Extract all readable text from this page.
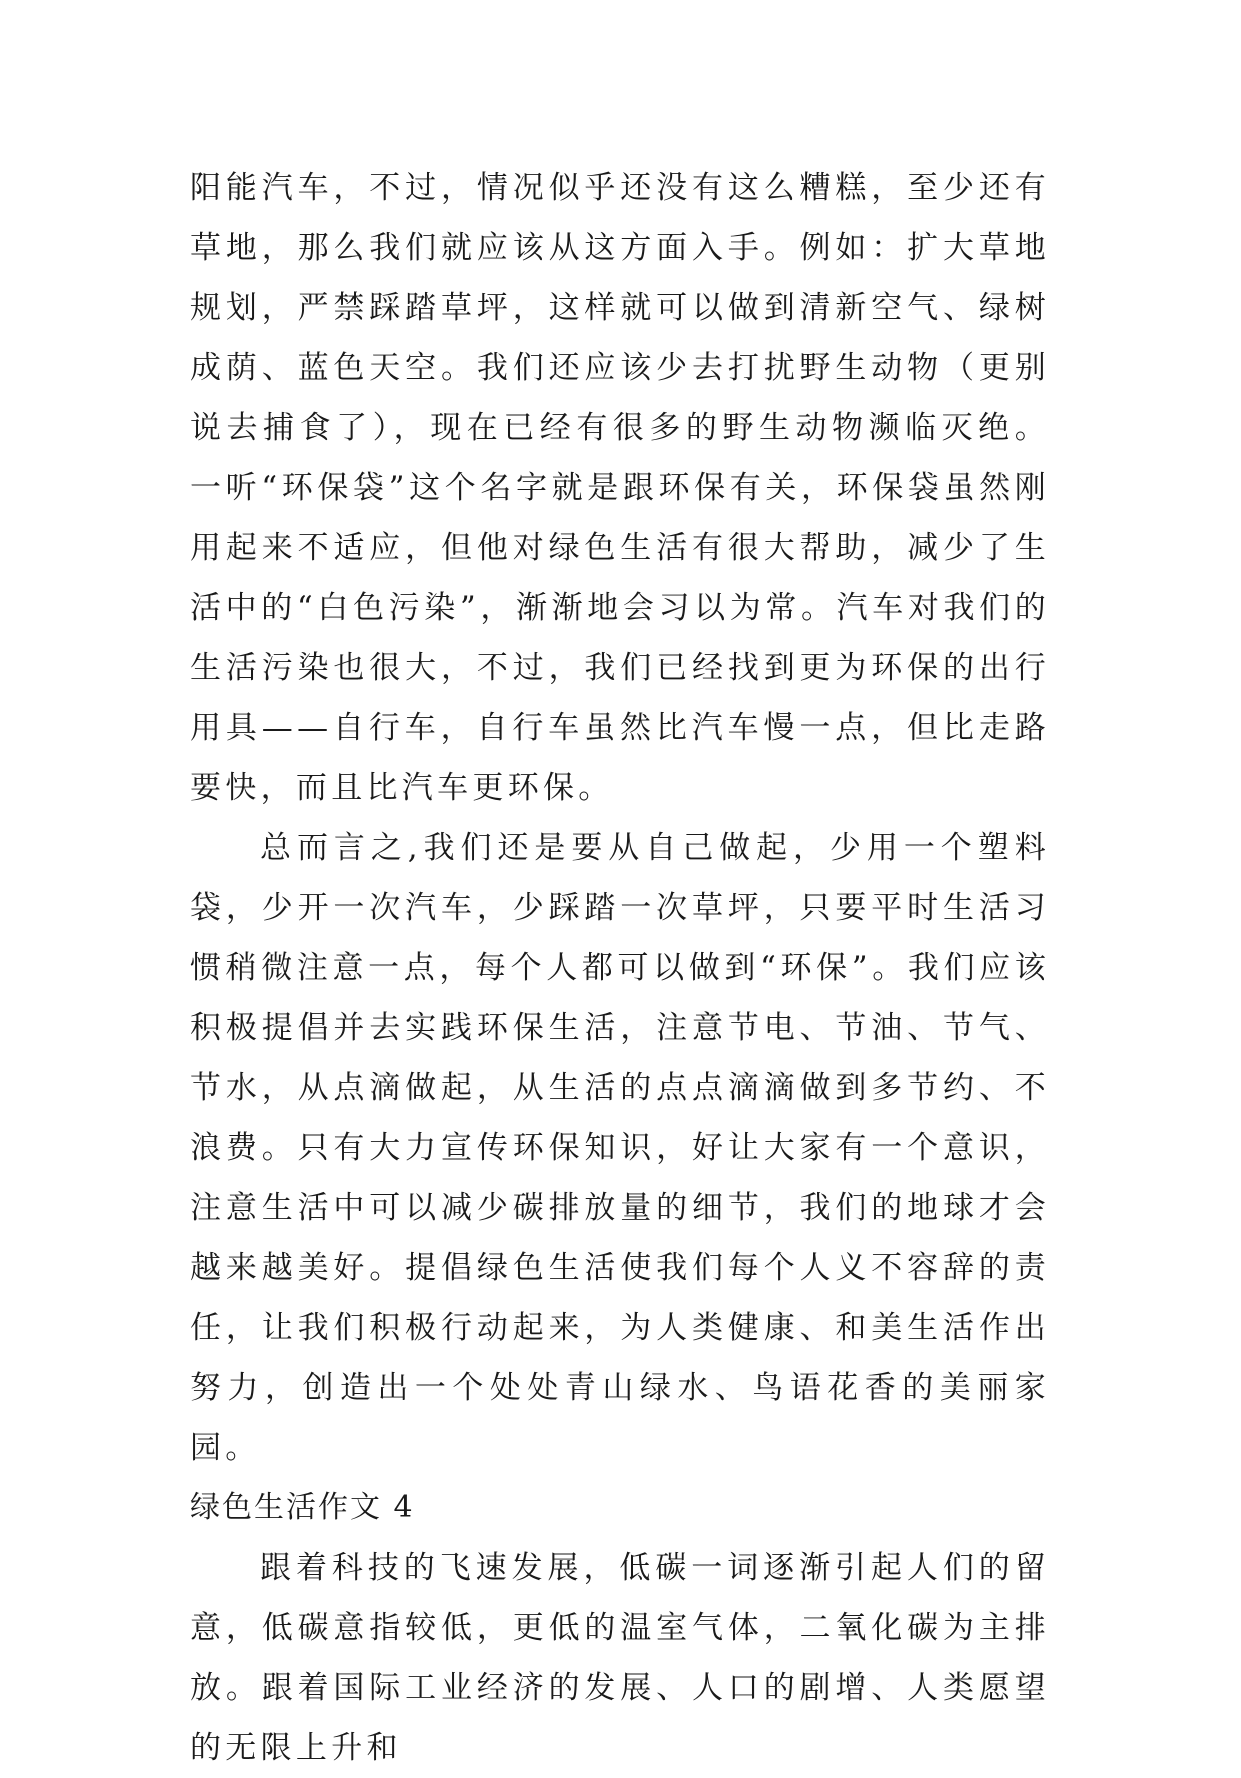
阳能汽车，不过，情况似乎还没有这么糟糕，至少还有草地，那么我们就应该从这方面入手。例如：扩大草地规划，严禁踩踏草坪，这样就可以做到清新空气、绿树成荫、蓝色天空。我们还应该少去打扰野生动物（更别说去捕食了），现在已经有很多的野生动物濒临灭绝。一听“环保袋”这个名字就是跟环保有关，环保袋虽然刚用起来不适应，但他对绿色生活有很大帮助，减少了生活中的“白色污染”，渐渐地会习以为常。汽车对我们的生活污染也很大，不过，我们已经找到更为环保的出行用具——自行车，自行车虽然比汽车慢一点，但比走路要快，而且比汽车更环保。

总而言之,我们还是要从自己做起，少用一个塑料袋，少开一次汽车，少踩踏一次草坪，只要平时生活习惯稍微注意一点，每个人都可以做到“环保”。我们应该积极提倡并去实践环保生活，注意节电、节油、节气、节水，从点滴做起，从生活的点点滴滴做到多节约、不浪费。只有大力宣传环保知识，好让大家有一个意识，注意生活中可以减少碳排放量的细节，我们的地球才会越来越美好。提倡绿色生活使我们每个人义不容辞的责任，让我们积极行动起来，为人类健康、和美生活作出努力，创造出一个处处青山绿水、鸟语花香的美丽家园。

绿色生活作文 4

跟着科技的飞速发展，低碳一词逐渐引起人们的留意，低碳意指较低，更低的温室气体，二氧化碳为主排放。跟着国际工业经济的发展、人口的剧增、人类愿望的无限上升和
